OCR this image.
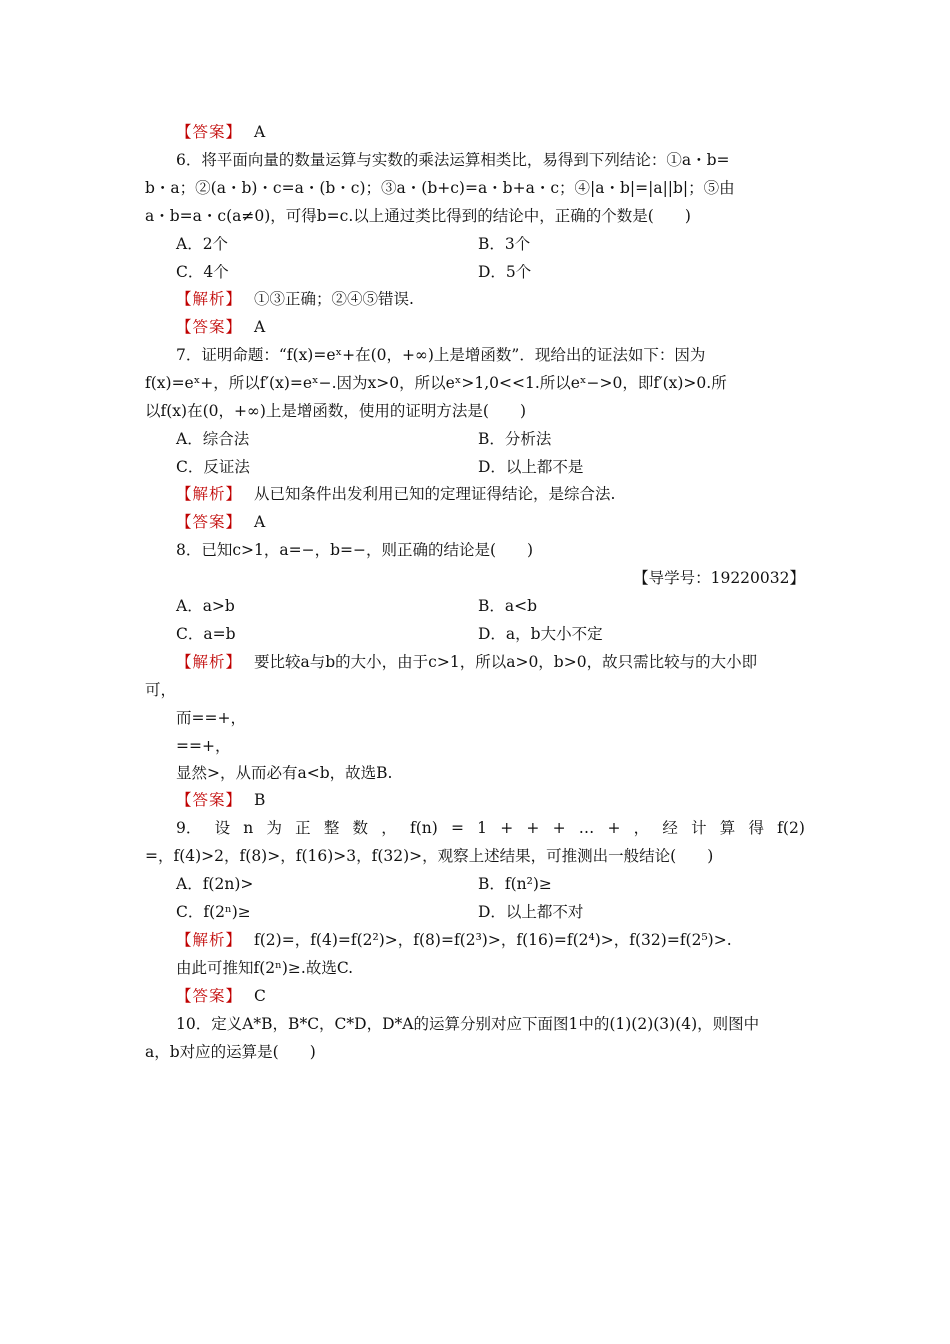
【答案】 A
6．将平面向量的数量运算与实数的乘法运算相类比，易得到下列结论：①a・b=
b・a；②(a・b)・c=a・(b・c)；③a・(b+c)=a・b+a・c；④|a・b|=|a||b|；⑤由
a・b=a・c(a≠0)，可得b=c.以上通过类比得到的结论中，正确的个数是(　　)
A．2个	B．3个
C．4个	D．5个
【解析】 ①③正确；②④⑤错误.
【答案】 A
7．证明命题：“f(x)=eˣ+在(0，+∞)上是增函数”．现给出的证法如下：因为
f(x)=eˣ+，所以f′(x)=eˣ−.因为x>0，所以eˣ>1,0<<1.所以eˣ−>0，即f′(x)>0.所
以f(x)在(0，+∞)上是增函数，使用的证明方法是(　　)
A．综合法	B．分析法
C．反证法	D．以上都不是
【解析】 从已知条件出发利用已知的定理证得结论，是综合法.
【答案】 A
8．已知c>1，a=−，b=−，则正确的结论是(　　)
【导学号：19220032】
A．a>b	B．a<b
C．a=b	D．a，b大小不定
【解析】 要比较a与b的大小，由于c>1，所以a>0，b>0，故只需比较与的大小即
可，
而==+，
==+，
显然>，从而必有a<b，故选B.
【答案】 B
9． 设 n 为 正 整 数 ， f(n) = 1 + + + … + ， 经 计 算 得 f(2)
=，f(4)>2，f(8)>，f(16)>3，f(32)>，观察上述结果，可推测出一般结论(　　)
A．f(2n)>	B．f(n²)≥
C．f(2ⁿ)≥	D．以上都不对
【解析】 f(2)=，f(4)=f(2²)>，f(8)=f(2³)>，f(16)=f(2⁴)>，f(32)=f(2⁵)>.
由此可推知f(2ⁿ)≥.故选C.
【答案】 C
10．定义A*B，B*C，C*D，D*A的运算分别对应下面图1中的(1)(2)(3)(4)，则图中
a，b对应的运算是(　　)
